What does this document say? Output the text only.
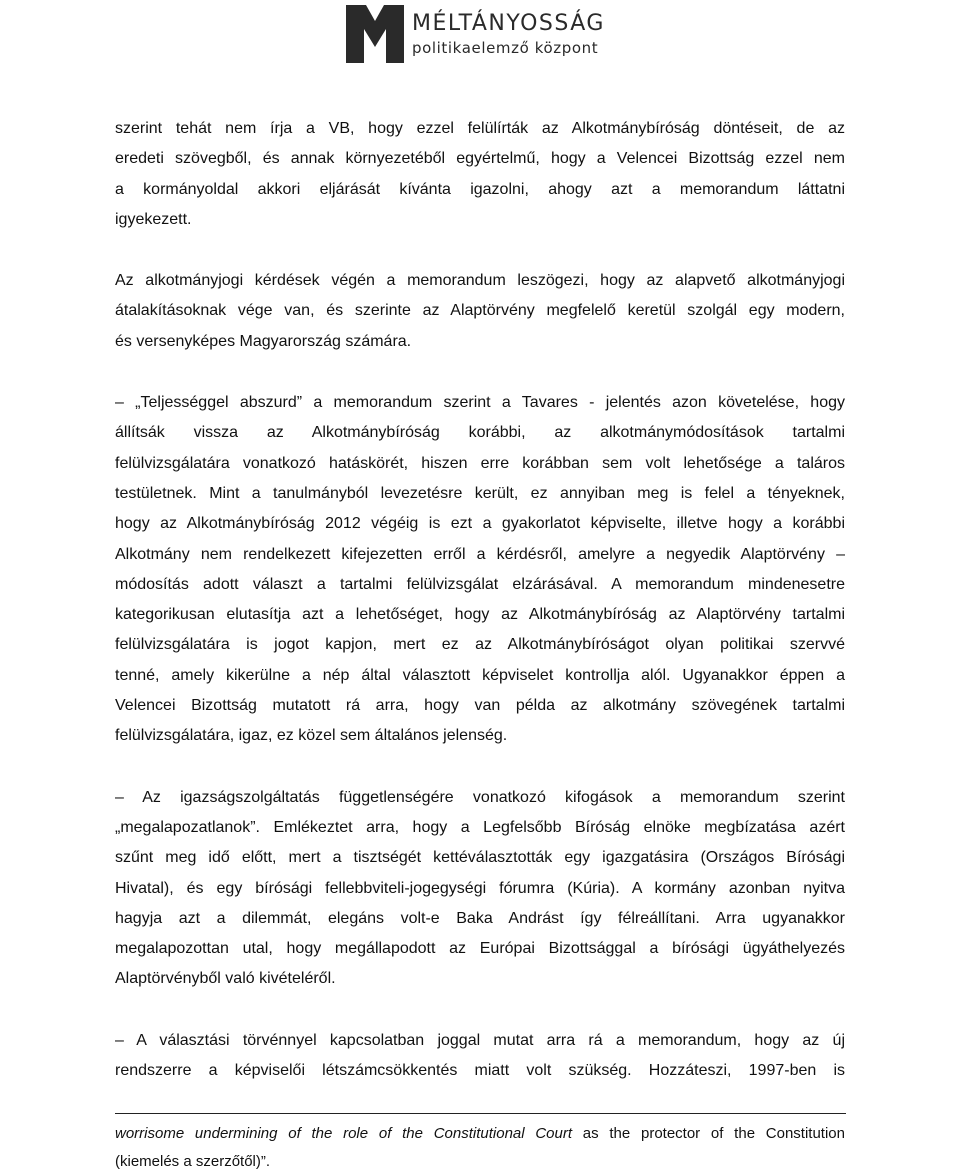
MÉLTÁNYOSSÁG
politikaelemző központ
szerint tehát nem írja a VB, hogy ezzel felülírták az Alkotmánybíróság döntéseit, de az
eredeti szövegből, és annak környezetéből egyértelmű, hogy a Velencei Bizottság ezzel nem
a kormányoldal akkori eljárását kívánta igazolni, ahogy azt a memorandum láttatni
igyekezett.
Az alkotmányjogi kérdések végén a memorandum leszögezi, hogy az alapvető alkotmányjogi
átalakításoknak vége van, és szerinte az Alaptörvény megfelelő keretül szolgál egy modern,
és versenyképes Magyarország számára.
– „Teljességgel abszurd” a memorandum szerint a Tavares - jelentés azon követelése, hogy
állítsák vissza az Alkotmánybíróság korábbi, az alkotmánymódosítások tartalmi
felülvizsgálatára vonatkozó hatáskörét, hiszen erre korábban sem volt lehetősége a taláros
testületnek. Mint a tanulmányból levezetésre került, ez annyiban meg is felel a tényeknek,
hogy az Alkotmánybíróság 2012 végéig is ezt a gyakorlatot képviselte, illetve hogy a korábbi
Alkotmány nem rendelkezett kifejezetten erről a kérdésről, amelyre a negyedik Alaptörvény –
módosítás adott választ a tartalmi felülvizsgálat elzárásával. A memorandum mindenesetre
kategorikusan elutasítja azt a lehetőséget, hogy az Alkotmánybíróság az Alaptörvény tartalmi
felülvizsgálatára is jogot kapjon, mert ez az Alkotmánybíróságot olyan politikai szervvé
tenné, amely kikerülne a nép által választott képviselet kontrollja alól. Ugyanakkor éppen a
Velencei Bizottság mutatott rá arra, hogy van példa az alkotmány szövegének tartalmi
felülvizsgálatára, igaz, ez közel sem általános jelenség.
– Az igazságszolgáltatás függetlenségére vonatkozó kifogások a memorandum szerint
„megalapozatlanok”. Emlékeztet arra, hogy a Legfelsőbb Bíróság elnöke megbízatása azért
szűnt meg idő előtt, mert a tisztségét kettéválasztották egy igazgatásira (Országos Bírósági
Hivatal), és egy bírósági fellebbviteli-jogegységi fórumra (Kúria). A kormány azonban nyitva
hagyja azt a dilemmát, elegáns volt-e Baka Andrást így félreállítani. Arra ugyanakkor
megalapozottan utal, hogy megállapodott az Európai Bizottsággal a bírósági ügyáthelyezés
Alaptörvényből való kivételéről.
– A választási törvénnyel kapcsolatban joggal mutat arra rá a memorandum, hogy az új
rendszerre a képviselői létszámcsökkentés miatt volt szükség. Hozzáteszi, 1997-ben is
worrisome undermining of the role of the Constitutional Court as the protector of the Constitution
(kiemelés a szerzőtől)”.
